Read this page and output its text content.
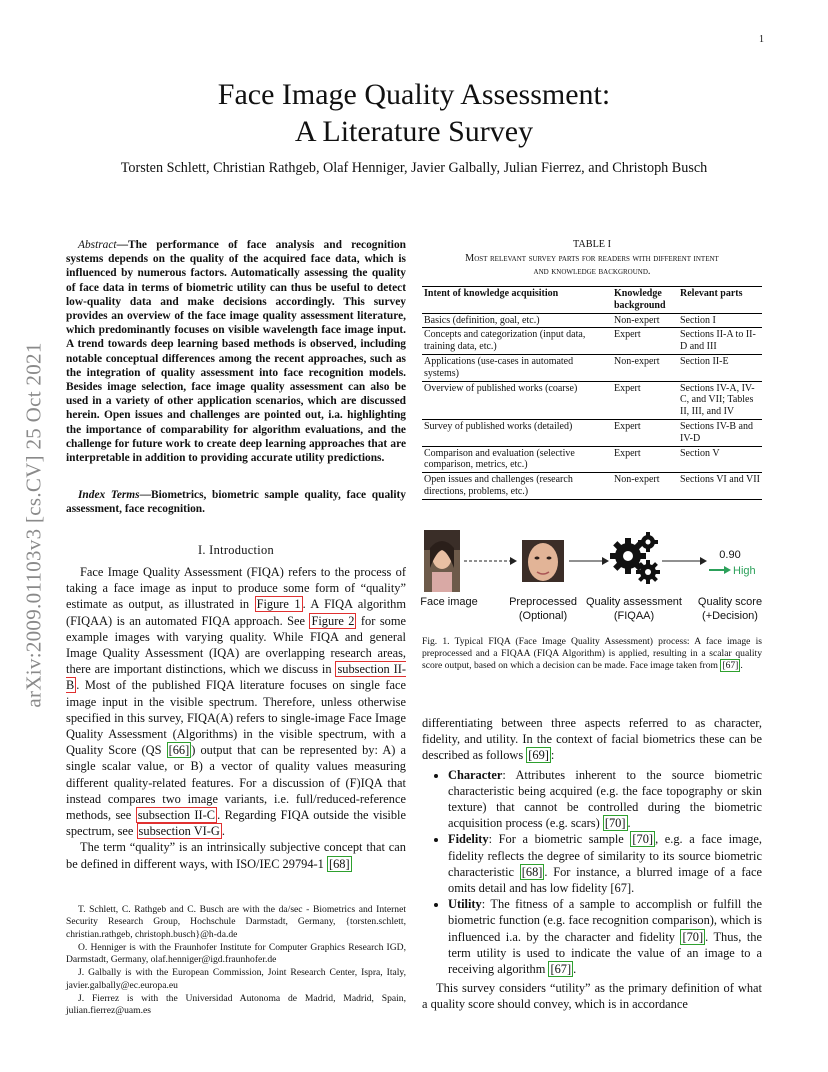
1
Face Image Quality Assessment:
A Literature Survey
Torsten Schlett, Christian Rathgeb, Olaf Henniger, Javier Galbally, Julian Fierrez, and Christoph Busch
arXiv:2009.01103v3 [cs.CV] 25 Oct 2021
Abstract—The performance of face analysis and recognition systems depends on the quality of the acquired face data, which is influenced by numerous factors. Automatically assessing the quality of face data in terms of biometric utility can thus be useful to detect low-quality data and make decisions accordingly. This survey provides an overview of the face image quality assessment literature, which predominantly focuses on visible wavelength face image input. A trend towards deep learning based methods is observed, including notable conceptual differences among the recent approaches, such as the integration of quality assessment into face recognition models. Besides image selection, face image quality assessment can also be used in a variety of other application scenarios, which are discussed herein. Open issues and challenges are pointed out, i.a. highlighting the importance of comparability for algorithm evaluations, and the challenge for future work to create deep learning approaches that are interpretable in addition to providing accurate utility predictions.
Index Terms—Biometrics, biometric sample quality, face quality assessment, face recognition.
I. Introduction

Face Image Quality Assessment (FIQA) refers to the process of taking a face image as input to produce some form of “quality” estimate as output, as illustrated in Figure 1 . A FIQA algorithm (FIQAA) is an automated FIQA approach. See Figure 2 for some example images with varying quality. While FIQA and general Image Quality Assessment (IQA) are overlapping research areas, there are important distinctions, which we discuss in subsection II-B . Most of the published FIQA literature focuses on single face image input in the visible spectrum. Therefore, unless otherwise specified in this survey, FIQA(A) refers to single-image Face Image Quality Assessment (Algorithms) in the visible spectrum, with a Quality Score (QS [66] ) output that can be represented by: A) a single scalar value, or B) a vector of quality values measuring different quality-related features. For a discussion of (F)IQA that instead compares two image variants, i.e. full/reduced-reference methods, see subsection II-C . Regarding FIQA outside the visible spectrum, see subsection VI-G .

The term “quality” is an intrinsically subjective concept that can be defined in different ways, with ISO/IEC 29794-1 [68]

T. Schlett, C. Rathgeb and C. Busch are with the da/sec - Biometrics and Internet Security Research Group, Hochschule Darmstadt, Germany, {torsten.schlett, christian.rathgeb, christoph.busch}@h-da.de

O. Henniger is with the Fraunhofer Institute for Computer Graphics Research IGD, Darmstadt, Germany, olaf.henniger@igd.fraunhofer.de

J. Galbally is with the European Commission, Joint Research Center, Ispra, Italy, javier.galbally@ec.europa.eu

J. Fierrez is with the Universidad Autonoma de Madrid, Madrid, Spain, julian.fierrez@uam.es

TABLE I
Most relevant survey parts for readers with different intent
and knowledge background.
Intent of knowledge acquisition	Knowledge background	Relevant parts
Basics (definition, goal, etc.)	Non-expert	Section I
Concepts and categorization (input data, training data, etc.)	Expert	Sections II-A to II-D and III
Applications (use-cases in automated systems)	Non-expert	Section II-E
Overview of published works (coarse)	Expert	Sections IV-A, IV-C, and VII; Tables II, III, and IV
Survey of published works (detailed)	Expert	Sections IV-B and IV-D
Comparison and evaluation (selective comparison, metrics, etc.)	Expert	Section V
Open issues and challenges (research directions, problems, etc.)	Non-expert	Sections VI and VII
0.90
High
Face image	Preprocessed
(Optional)
Quality assessment
(FIQAA)
Quality score
(+Decision)
Fig. 1. Typical FIQA (Face Image Quality Assessment) process: A face image is preprocessed and a FIQAA (FIQA Algorithm) is applied, resulting in a scalar quality score output, based on which a decision can be made. Face image taken from [67] .

differentiating between three aspects referred to as character, fidelity, and utility. In the context of facial biometrics these can be described as follows [69] :

• Character: Attributes inherent to the source biometric characteristic being acquired (e.g. the face topography or skin texture) that cannot be controlled during the biometric acquisition process (e.g. scars) [70] .
• Fidelity: For a biometric sample [70] , e.g. a face image, fidelity reflects the degree of similarity to its source biometric characteristic [68] . For instance, a blurred image of a face omits detail and has low fidelity [67].
• Utility: The fitness of a sample to accomplish or fulfill the biometric function (e.g. face recognition comparison), which is influenced i.a. by the character and fidelity [70] . Thus, the term utility is used to indicate the value of an image to a receiving algorithm [67] .

This survey considers “utility” as the primary definition of what a quality score should convey, which is in accordance
